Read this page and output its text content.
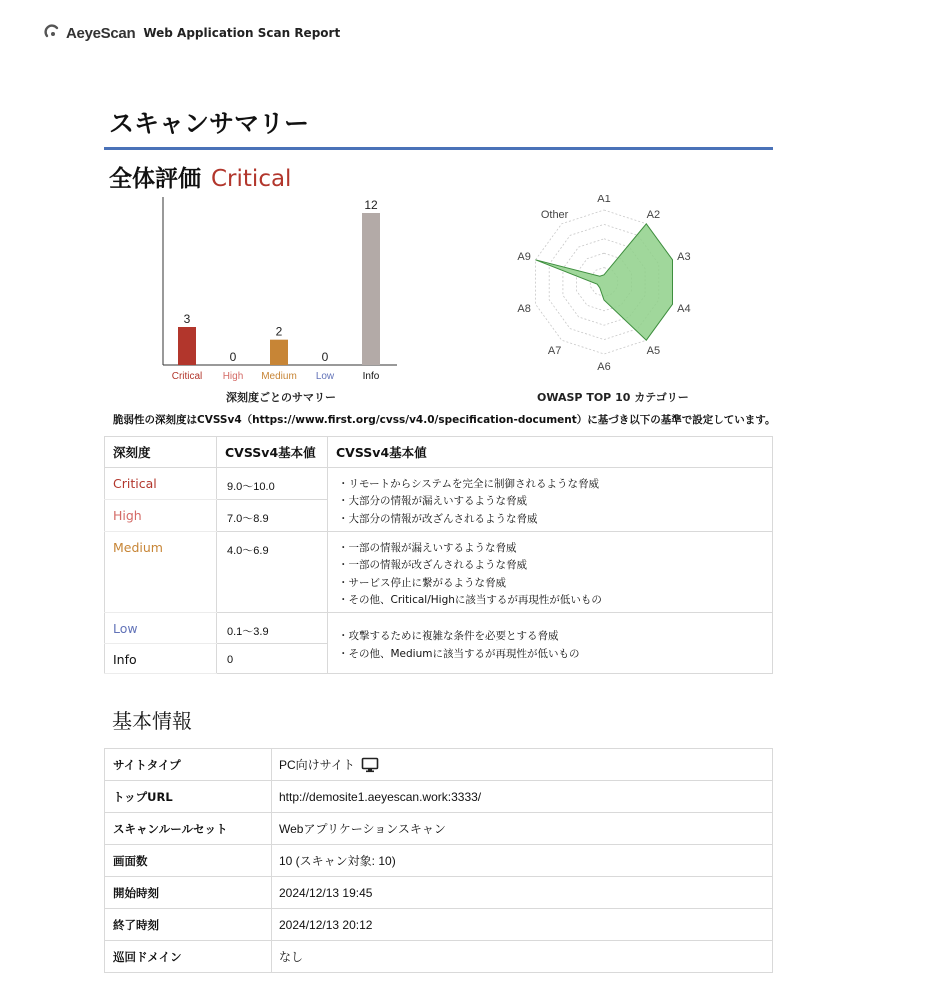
AeyeScan Web Application Scan Report
スキャンサマリー
全体評価 Critical
3
Critical
0
High
2
Medium
0
Low
12
Info
深刻度ごとのサマリー
A1
A2
A3
A4
A5
A6
A7
A8
A9
Other
OWASP TOP 10 カテゴリー
脆弱性の深刻度はCVSSv4（https://www.first.org/cvss/v4.0/specification-document）に基づき以下の基準で設定しています。
深刻度	CVSSv4基本値	CVSSv4基本値
Critical	9.0〜10.0	・リモートからシステムを完全に制御されるような脅威
・大部分の情報が漏えいするような脅威
・大部分の情報が改ざんされるような脅威

High	7.0〜8.9	
Medium	4.0〜6.9	・一部の情報が漏えいするような脅威
・一部の情報が改ざんされるような脅威
・サービス停止に繋がるような脅威
・その他、Critical/Highに該当するが再現性が低いもの

Low	0.1〜3.9	・攻撃するために複雑な条件を必要とする脅威
・その他、Mediumに該当するが再現性が低いもの

Info	0	
基本情報
サイトタイプ	PC向けサイト
トップURL	http://demosite1.aeyescan.work:3333/
スキャンルールセット	Webアプリケーションスキャン
画面数	10 (スキャン対象: 10)
開始時刻	2024/12/13 19:45
終了時刻	2024/12/13 20:12
巡回ドメイン	なし
